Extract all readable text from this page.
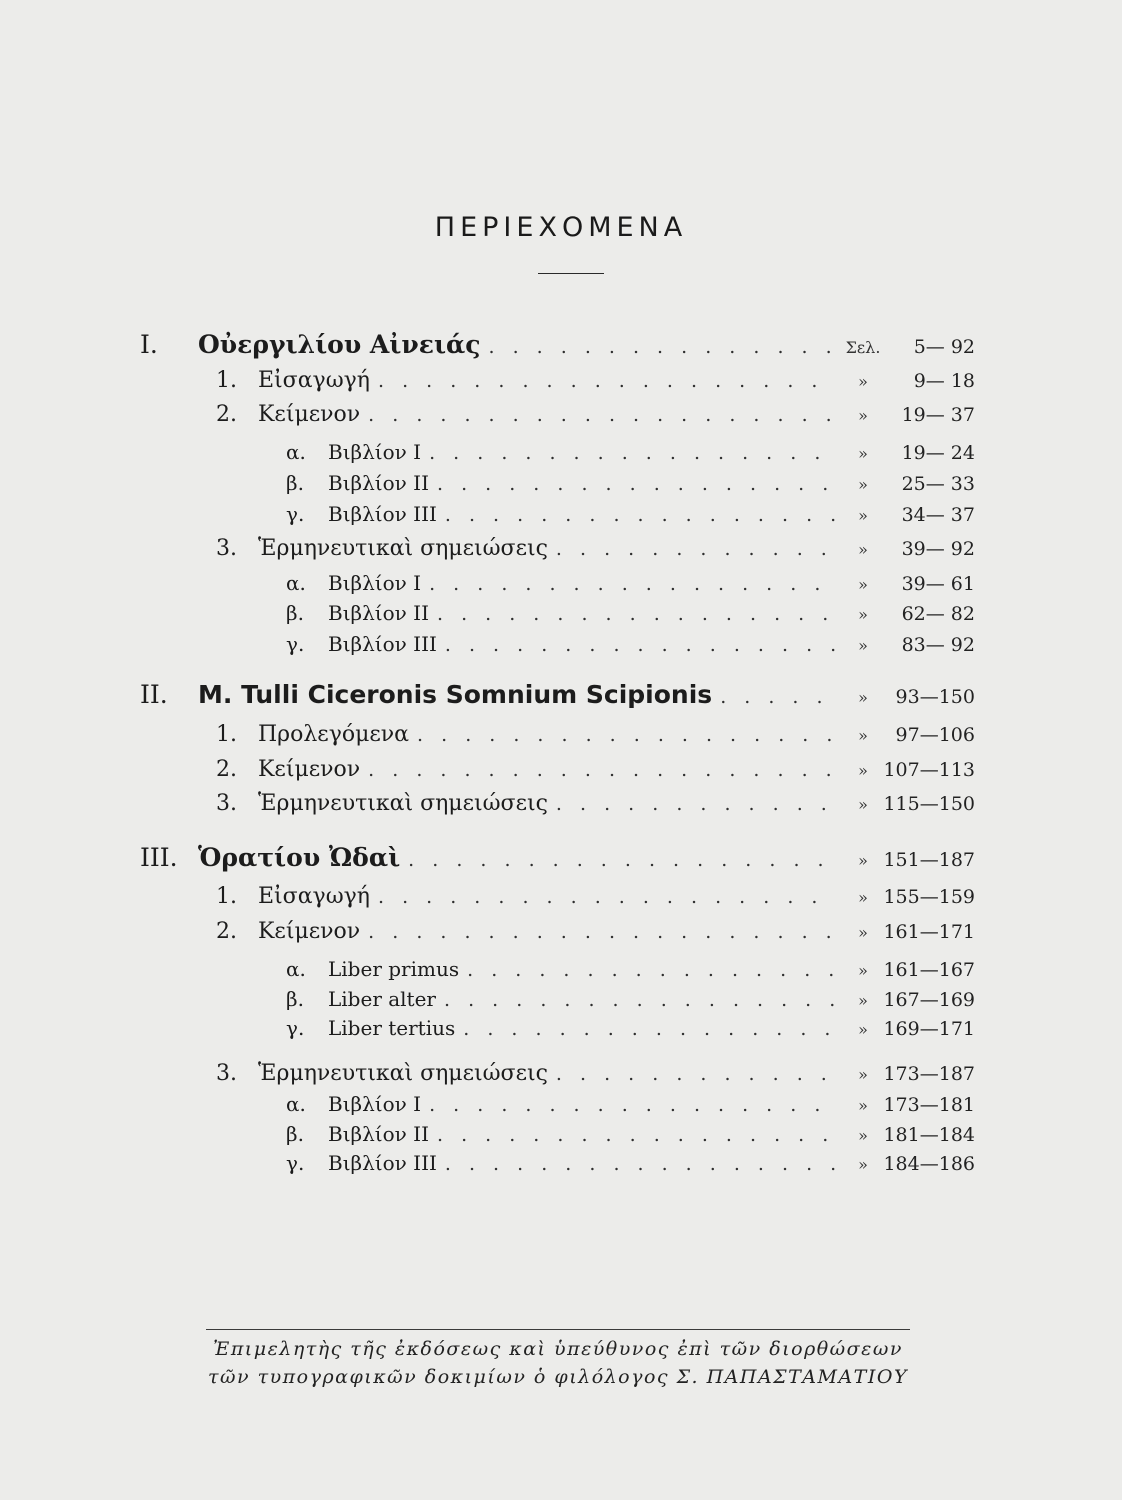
ΠΕΡΙΕΧΟΜΕΝΑ
I.	Οὐεργιλίου Αἰνειάς . . .	Σελ.	5— 92
1. Εἰσαγωγή . . .	»	9— 18
2. Κείμενον . . .	»	19— 37
α.	Βιβλίον I . . .	»	19— 24
β.	Βιβλίον II . . .	»	25— 33
γ.	Βιβλίον III . . .	»	34— 37
3. Ἑρμηνευτικαὶ σημειώσεις . . .	»	39— 92
α.	Βιβλίον I . . .	»	39— 61
β.	Βιβλίον II . . .	»	62— 82
γ.	Βιβλίον III . . .	»	83— 92
II.	M. Tulli Ciceronis Somnium Scipionis . . .	»	93—150
1. Προλεγόμενα . . .	»	97—106
2. Κείμενον . . .	» 107—113
3. Ἑρμηνευτικαὶ σημειώσεις . . .	» 115—150
III. Ὁρατίου Ὠδαὶ . . .	» 151—187
1. Εἰσαγωγή . . .	» 155—159
2. Κείμενον . . .	» 161—171
α.	Liber primus . . .	» 161—167
β.	Liber alter . . .	» 167—169
γ.	Liber tertius . . .	» 169—171
3. Ἑρμηνευτικαὶ σημειώσεις . . .	» 173—187
α.	Βιβλίον I . . .	» 173—181
β.	Βιβλίον II . . .	» 181—184
γ.	Βιβλίον III . . .	» 184—186
Ἐπιμελητὴς τῆς ἐκδόσεως καὶ ὑπεύθυνος ἐπὶ τῶν διορθώσεων
τῶν τυπογραφικῶν δοκιμίων ὁ φιλόλογος Σ. ΠΑΠΑΣΤΑΜΑΤΙΟΥ
